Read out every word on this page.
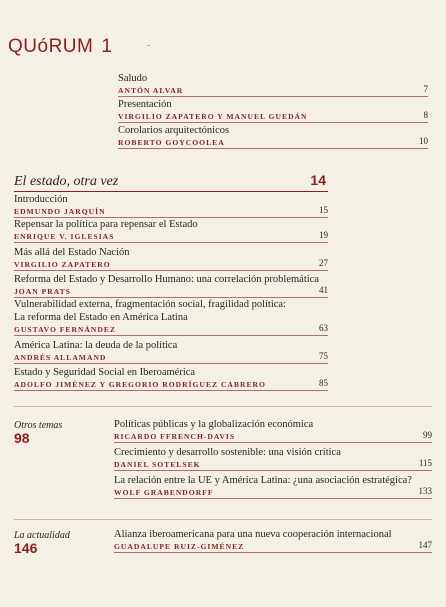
QUóRUM 1
Saludo
ANTÓN ALVAR	7
Presentación
VIRGILIO ZAPATERO Y MANUEL GUEDÁN	8
Corolarios arquitectónicos
ROBERTO GOYCOOLEA	10
El estado, otra vez	14
Introducción
EDMUNDO JARQUÍN	15
Repensar la política para repensar el Estado
ENRIQUE V. IGLESIAS	19
Más allá del Estado Nación
VIRGILIO ZAPATERO	27
Reforma del Estado y Desarrollo Humano: una correlación problemática
JOAN PRATS	41
Vulnerabilidad externa, fragmentación social, fragilidad política:
La reforma del Estado en América Latina
GUSTAVO FERNÁNDEZ	63
América Latina: la deuda de la política
ANDRÉS ALLAMAND	75
Estado y Seguridad Social en Iberoamérica
ADOLFO JIMÉNEZ Y GREGORIO RODRÍGUEZ CABRERO	85
Otros temas
98
Políticas públicas y la globalización económica
RICARDO FFRENCH-DAVIS	99
Crecimiento y desarrollo sostenible: una visión crítica
DANIEL SOTELSEK	115
La relación entre la UE y América Latina: ¿una asociación estratégica?
WOLF GRABENDORFF	133
La actualidad
146
Alianza iberoamericana para una nueva cooperación internacional
GUADALUPE RUIZ-GIMÉNEZ	147
